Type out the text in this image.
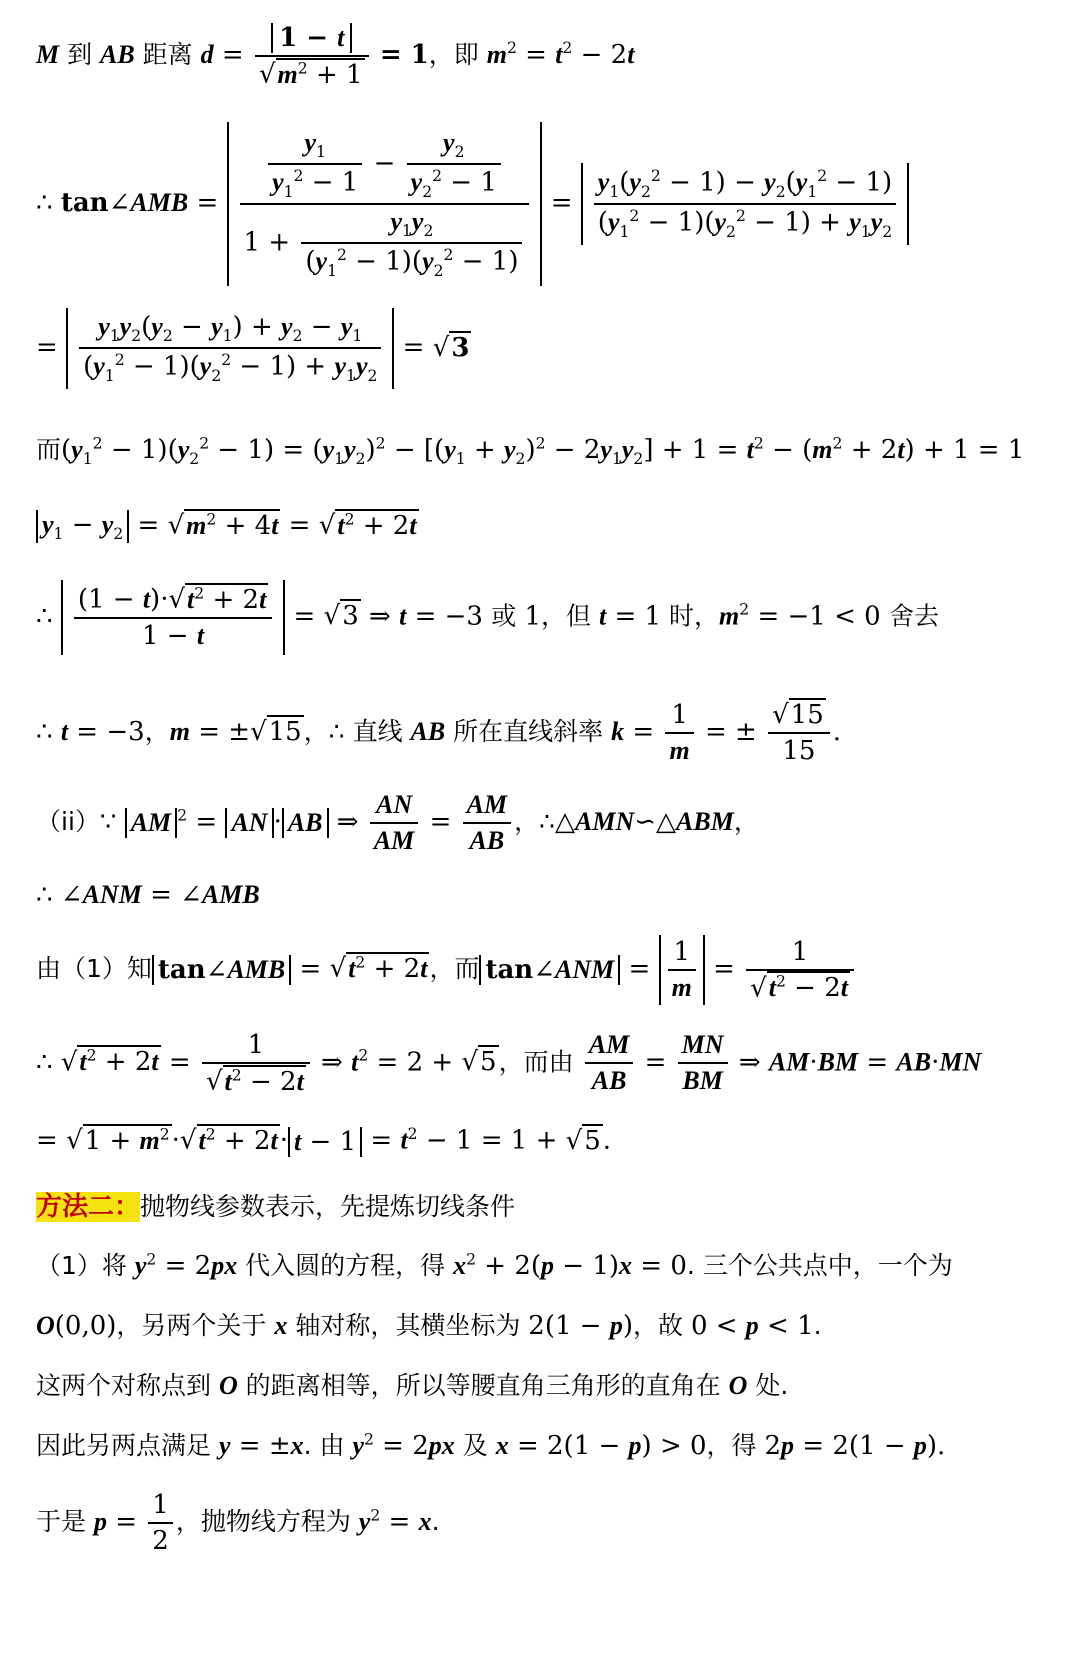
M 到 AB 距离 $d = \frac{1 - t}{√m^2 + 1} = 1$，即 $m^2 = t^2 - 2t$
∴ tan∠AMB = $\frac{\frac{y_1}{y_1^2 - 1} - \frac{y_2}{y_2^2 - 1}}{1 + \frac{y_1y_2}{(y_1^2 - 1)(y_2^2 - 1)}} = \frac{y_1(y_2^2 - 1) - y_2(y_1^2 - 1)}{(y_1^2 - 1)(y_2^2 - 1) + y_1y_2}$
= $\frac{y_1y_2(y_2 - y_1) + y_2 - y_1}{(y_1^2 - 1)(y_2^2 - 1) + y_1y_2} = √3$
而$(y_1^2 - 1)(y_2^2 - 1) = (y_1y_2)^2 - [(y_1 + y_2)^2 - 2y_1y_2] + 1 = t^2 - (m^2 + 2t) + 1 = 1$
$y_1 - y_2 = √m^2 + 4t = √t^2 + 2t$
∴ $\frac{(1 - t)\cdot√t^2 + 2t}{1 - t} = √3$ ⇒ t = −3 或 1，但 t = 1 时，$m^2 = -1 < 0$ 舍去
∴ t = −3，m = ±√15，∴ 直线 AB 所在直线斜率 $k = \frac{1}{m}$ = ± $\frac{√15}{15}$ .
（ii）∵ AM $^2$ = AN · AB ⇒ $\frac{AN}{AM} = \frac{AM}{AB}$ ，∴△AMN∽△ABM，
∴ ∠ANM = ∠AMB
由（1）知 tan∠AMB = $√t^2 + 2t$，而 tan∠ANM = $\frac{1}{m} = \frac{1}{√t^2 - 2t}$
∴ $√t^2 + 2t = \frac{1}{√t^2 - 2t}$ ⇒ $t^2 = 2 + √5$，而由 $\frac{AM}{AB} = \frac{MN}{BM}$ ⇒ AM·BM = AB·MN
= $√1 + m^2\cdot√t^2 + 2t\cdot t - 1 = t^2 - 1 = 1 + √5$.
方法二：抛物线参数表示，先提炼切线条件
（1）将 $y^2 = 2px$ 代入圆的方程，得 $x^2 + 2(p - 1)x = 0$. 三个公共点中，一个为
O(0,0)，另两个关于 x 轴对称，其横坐标为 2(1 − p)，故 0 < p < 1.
这两个对称点到 O 的距离相等，所以等腰直角三角形的直角在 O 处.
因此另两点满足 y = ±x. 由 $y^2 = 2px$ 及 x = 2(1 − p) > 0，得 2p = 2(1 − p).
于是 $p = \frac{1}{2}$ ，抛物线方程为 $y^2 = x$.
